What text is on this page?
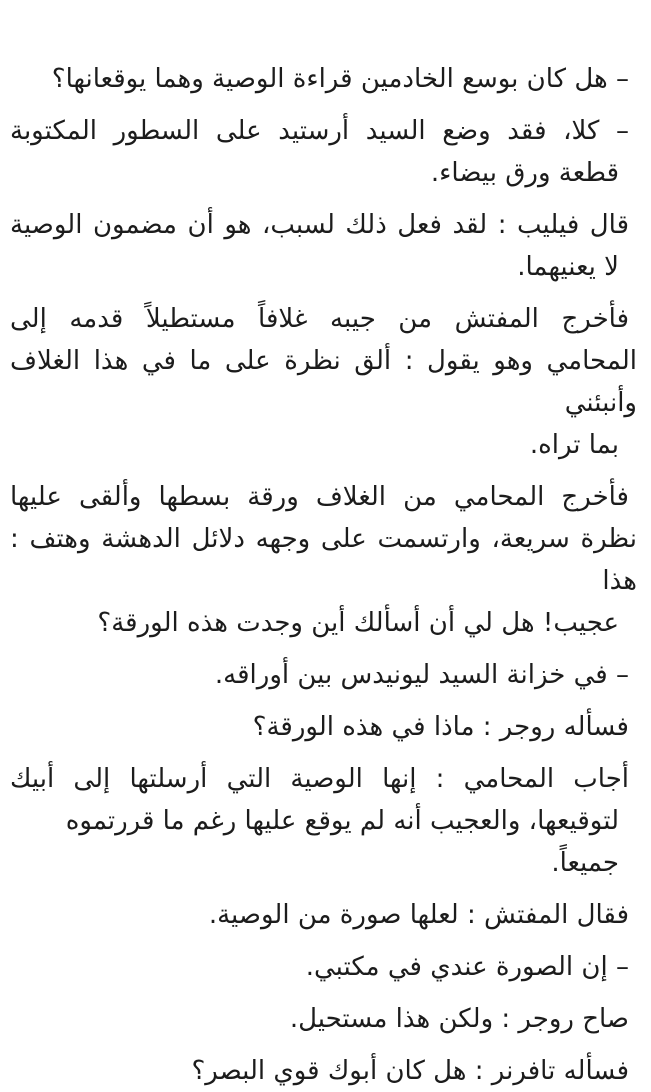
– هل كان بوسع الخادمين قراءة الوصية وهما يوقعانها؟
– كلا، فقد وضع السيد أرستيد على السطور المكتوبة
قطعة ورق بيضاء.
قال فيليب : لقد فعل ذلك لسبب، هو أن مضمون الوصية
لا يعنيهما.
فأخرج المفتش من جيبه غلافاً مستطيلاً قدمه إلى
المحامي وهو يقول : ألق نظرة على ما في هذا الغلاف وأنبئني
بما تراه.
فأخرج المحامي من الغلاف ورقة بسطها وألقى عليها
نظرة سريعة، وارتسمت على وجهه دلائل الدهشة وهتف : هذا
عجيب! هل لي أن أسألك أين وجدت هذه الورقة؟
– في خزانة السيد ليونيدس بين أوراقه.
فسأله روجر : ماذا في هذه الورقة؟
أجاب المحامي : إنها الوصية التي أرسلتها إلى أبيك
لتوقيعها، والعجيب أنه لم يوقع عليها رغم ما قررتموه جميعاً.
فقال المفتش : لعلها صورة من الوصية.
– إن الصورة عندي في مكتبي.
صاح روجر : ولكن هذا مستحيل.
فسأله تافرنر : هل كان أبوك قوي البصر؟
